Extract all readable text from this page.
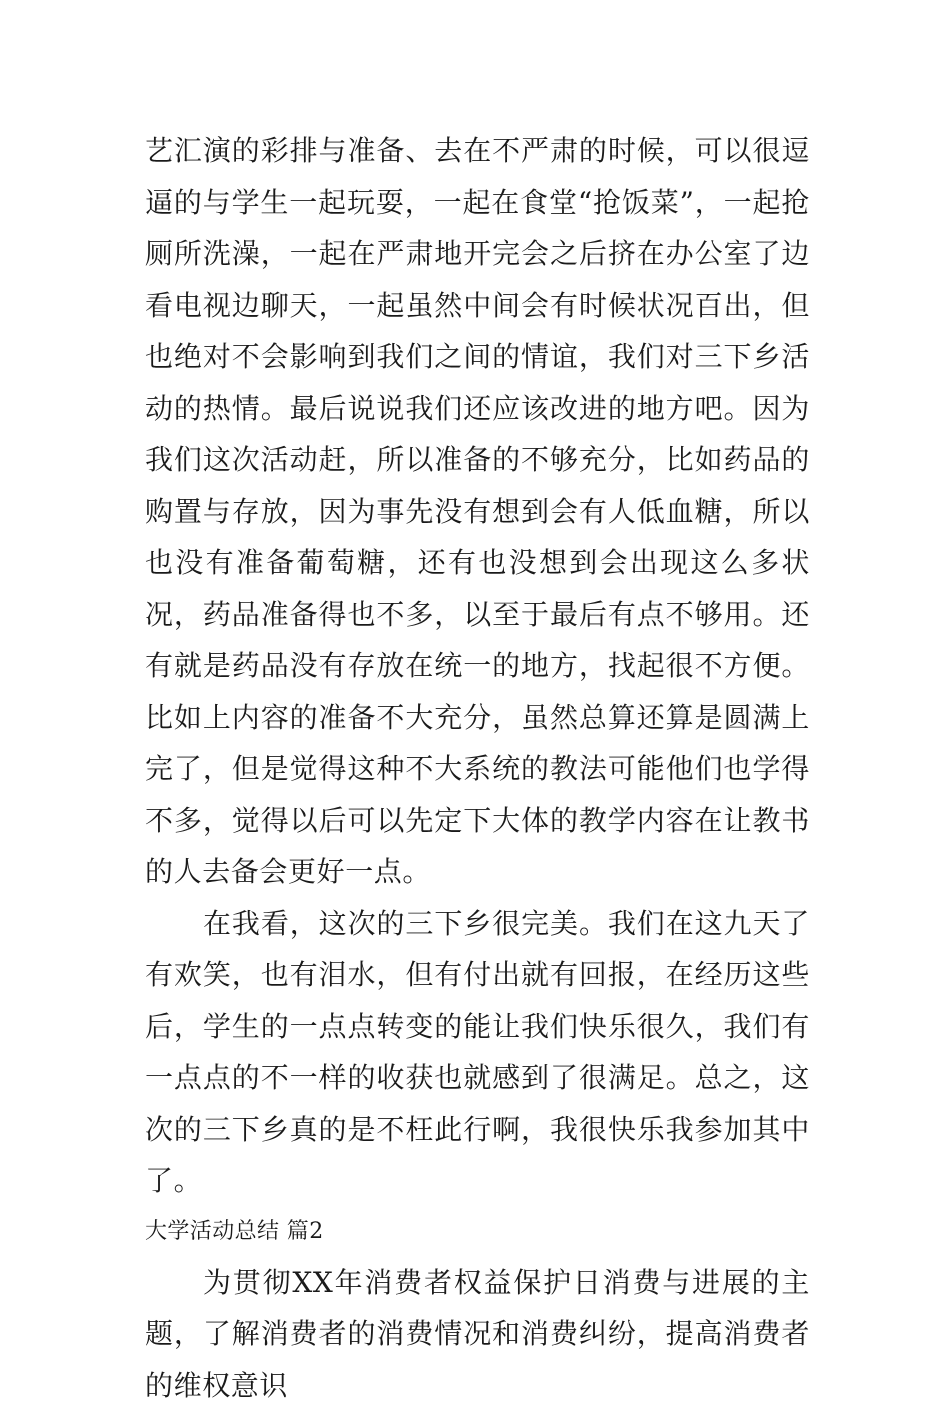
艺汇演的彩排与准备、去在不严肃的时候，可以很逗逼的与学生一起玩耍，一起在食堂“抢饭菜”，一起抢厕所洗澡，一起在严肃地开完会之后挤在办公室了边看电视边聊天，一起虽然中间会有时候状况百出，但也绝对不会影响到我们之间的情谊，我们对三下乡活动的热情。最后说说我们还应该改进的地方吧。因为我们这次活动赶，所以准备的不够充分，比如药品的购置与存放，因为事先没有想到会有人低血糖，所以也没有准备葡萄糖，还有也没想到会出现这么多状况，药品准备得也不多，以至于最后有点不够用。还有就是药品没有存放在统一的地方，找起很不方便。比如上内容的准备不大充分，虽然总算还算是圆满上完了，但是觉得这种不大系统的教法可能他们也学得不多，觉得以后可以先定下大体的教学内容在让教书的人去备会更好一点。

在我看，这次的三下乡很完美。我们在这九天了有欢笑，也有泪水，但有付出就有回报，在经历这些后，学生的一点点转变的能让我们快乐很久，我们有一点点的不一样的收获也就感到了很满足。总之，这次的三下乡真的是不枉此行啊，我很快乐我参加其中了。

大学活动总结 篇2

为贯彻XX年消费者权益保护日消费与进展的主题，了解消费者的消费情况和消费纠纷，提高消费者的维权意识
